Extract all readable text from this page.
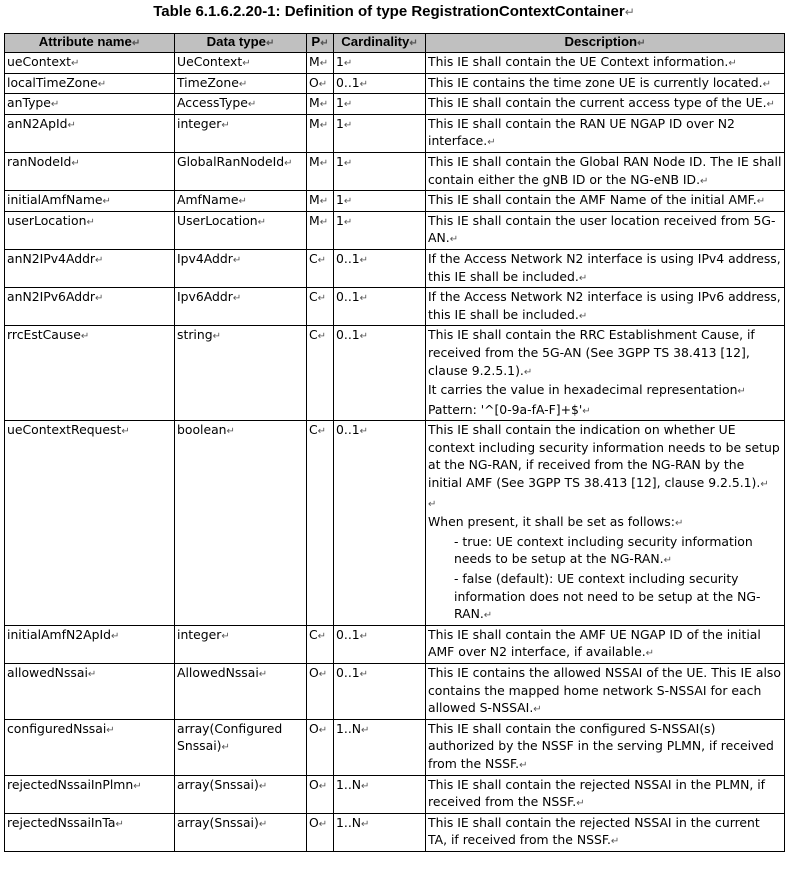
Table 6.1.6.2.20-1: Definition of type RegistrationContextContainer↵
Attribute name↵	Data type↵	P↵	Cardinality↵	Description↵
ueContext↵	UeContext↵	M↵	1↵	This IE shall contain the UE Context information.↵

localTimeZone↵	TimeZone↵	O↵	0..1↵	This IE contains the time zone UE is currently located.↵

anType↵	AccessType↵	M↵	1↵	This IE shall contain the current access type of the UE.↵

anN2ApId↵	integer↵	M↵	1↵	This IE shall contain the RAN UE NGAP ID over N2 interface.↵

ranNodeId↵	GlobalRanNodeId↵	M↵	1↵	This IE shall contain the Global RAN Node ID. The IE shall contain either the gNB ID or the NG-eNB ID.↵

initialAmfName↵	AmfName↵	M↵	1↵	This IE shall contain the AMF Name of the initial AMF.↵

userLocation↵	UserLocation↵	M↵	1↵	This IE shall contain the user location received from 5G-AN.↵

anN2IPv4Addr↵	Ipv4Addr↵	C↵	0..1↵	If the Access Network N2 interface is using IPv4 address, this IE shall be included.↵

anN2IPv6Addr↵	Ipv6Addr↵	C↵	0..1↵	If the Access Network N2 interface is using IPv6 address, this IE shall be included.↵

rrcEstCause↵	string↵	C↵	0..1↵	This IE shall contain the RRC Establishment Cause, if received from the 5G-AN (See 3GPP TS 38.413 [12], clause 9.2.5.1).↵

It carries the value in hexadecimal representation↵

Pattern: '^[0-9a-fA-F]+$'↵

ueContextRequest↵	boolean↵	C↵	0..1↵	This IE shall contain the indication on whether UE context including security information needs to be setup at the NG-RAN, if received from the NG-RAN by the initial AMF (See 3GPP TS 38.413 [12], clause 9.2.5.1).↵

↵

When present, it shall be set as follows:↵

- true: UE context including security information needs to be setup at the NG-RAN.↵

- false (default): UE context including security information does not need to be setup at the NG-RAN.↵

initialAmfN2ApId↵	integer↵	C↵	0..1↵	This IE shall contain the AMF UE NGAP ID of the initial AMF over N2 interface, if available.↵

allowedNssai↵	AllowedNssai↵	O↵	0..1↵	This IE contains the allowed NSSAI of the UE. This IE also contains the mapped home network S-NSSAI for each allowed S-NSSAI.↵

configuredNssai↵	array(Configured Snssai)↵	O↵	1..N↵	This IE shall contain the configured S-NSSAI(s) authorized by the NSSF in the serving PLMN, if received from the NSSF.↵

rejectedNssaiInPlmn↵	array(Snssai)↵	O↵	1..N↵	This IE shall contain the rejected NSSAI in the PLMN, if received from the NSSF.↵

rejectedNssaiInTa↵	array(Snssai)↵	O↵	1..N↵	This IE shall contain the rejected NSSAI in the current TA, if received from the NSSF.↵
